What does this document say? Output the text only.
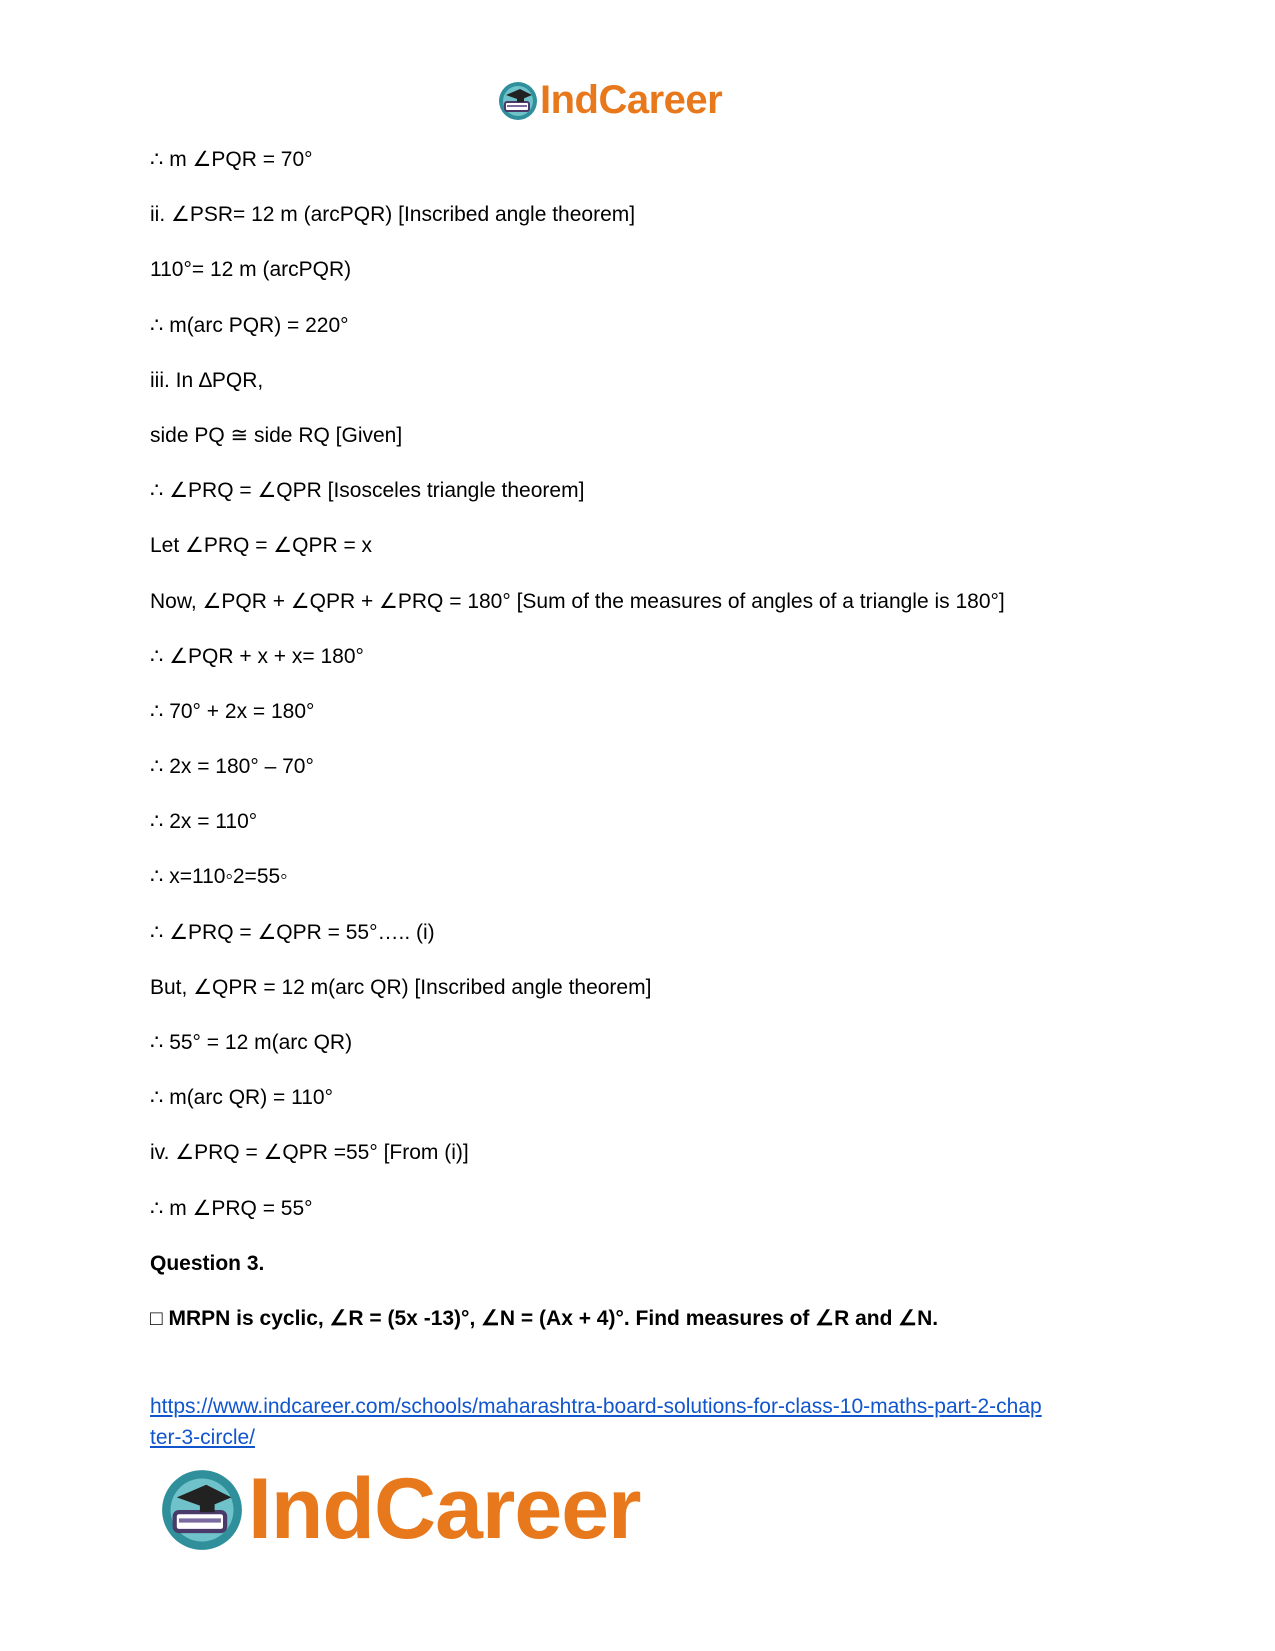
IndCareer
∴ m ∠PQR = 70°
ii. ∠PSR= 12 m (arcPQR) [Inscribed angle theorem]
110°= 12 m (arcPQR)
∴ m(arc PQR) = 220°
iii. In ∆PQR,
side PQ ≅ side RQ [Given]
∴ ∠PRQ = ∠QPR [Isosceles triangle theorem]
Let ∠PRQ = ∠QPR = x
Now, ∠PQR + ∠QPR + ∠PRQ = 180° [Sum of the measures of angles of a triangle is 180°]
∴ ∠PQR + x + x= 180°
∴ 70° + 2x = 180°
∴ 2x = 180° – 70°
∴ 2x = 110°
∴ x=110◦2=55◦
∴ ∠PRQ = ∠QPR = 55°….. (i)
But, ∠QPR = 12 m(arc QR) [Inscribed angle theorem]
∴ 55° = 12 m(arc QR)
∴ m(arc QR) = 110°
iv. ∠PRQ = ∠QPR =55° [From (i)]
∴ m ∠PRQ = 55°
Question 3.
□ MRPN is cyclic, ∠R = (5x -13)°, ∠N = (Ax + 4)°. Find measures of ∠R and ∠N.
https://www.indcareer.com/schools/maharashtra-board-solutions-for-class-10-maths-part-2-chap
ter-3-circle/
IndCareer
